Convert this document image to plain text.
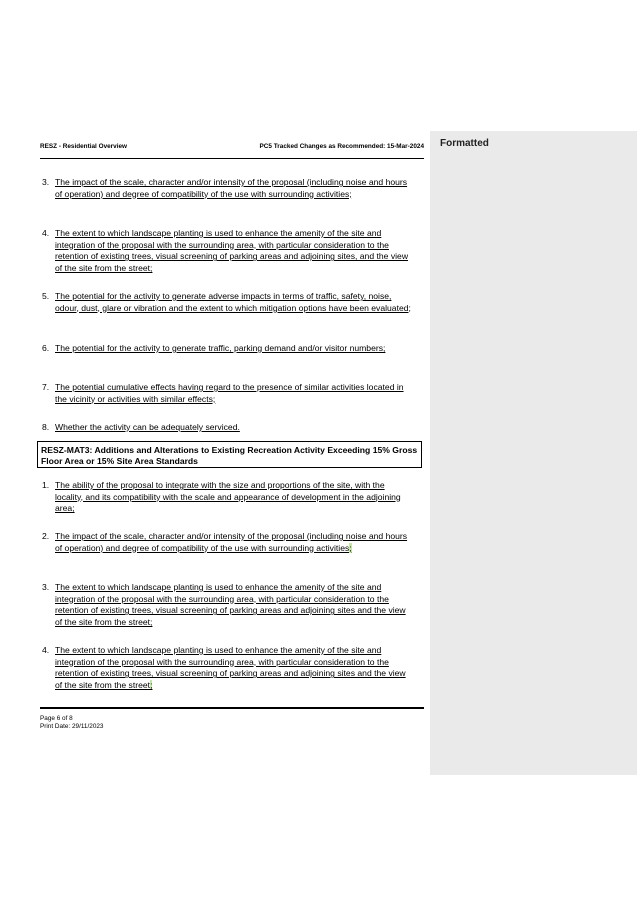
RESZ - Residential Overview	PC5 Tracked Changes as Recommended: 15-Mar-2024
3. The impact of the scale, character and/or intensity of the proposal (including noise and hours of operation) and degree of compatibility of the use with surrounding activities;
4. The extent to which landscape planting is used to enhance the amenity of the site and integration of the proposal with the surrounding area, with particular consideration to the retention of existing trees, visual screening of parking areas and adjoining sites, and the view of the site from the street;
5. The potential for the activity to generate adverse impacts in terms of traffic, safety, noise, odour, dust, glare or vibration and the extent to which mitigation options have been evaluated;
6. The potential for the activity to generate traffic, parking demand and/or visitor numbers;
7. The potential cumulative effects having regard to the presence of similar activities located in the vicinity or activities with similar effects;
8. Whether the activity can be adequately serviced.
RESZ-MAT3: Additions and Alterations to Existing Recreation Activity Exceeding 15% Gross Floor Area or 15% Site Area Standards
1. The ability of the proposal to integrate with the size and proportions of the site, with the locality, and its compatibility with the scale and appearance of development in the adjoining area;
2. The impact of the scale, character and/or intensity of the proposal (including noise and hours of operation) and degree of compatibility of the use with surrounding activities;
3. The extent to which landscape planting is used to enhance the amenity of the site and integration of the proposal with the surrounding area, with particular consideration to the retention of existing trees, visual screening of parking areas and adjoining sites and the view of the site from the street;
4. The extent to which landscape planting is used to enhance the amenity of the site and integration of the proposal with the surrounding area, with particular consideration to the retention of existing trees, visual screening of parking areas and adjoining sites and the view of the site from the street;
Page 6 of 8
Print Date: 29/11/2023
Formatted
